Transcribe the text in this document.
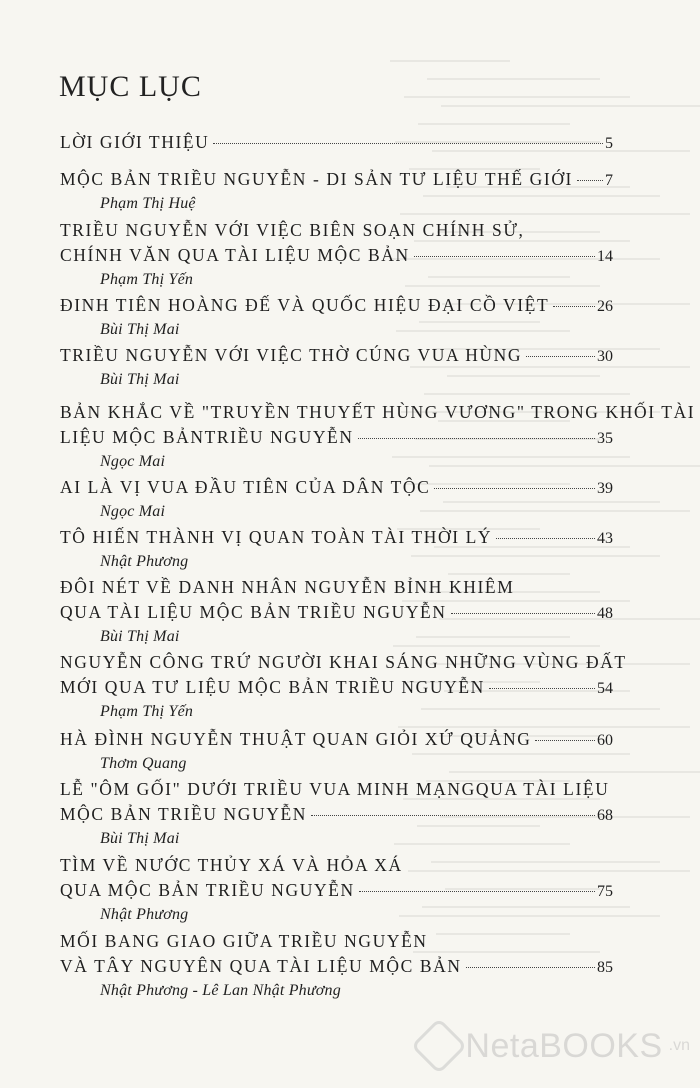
MỤC LỤC
LỜI GIỚI THIỆU	5
MỘC BẢN TRIỀU NGUYỄN - DI SẢN TƯ LIỆU THẾ GIỚI 7
Phạm Thị Huệ
TRIỀU NGUYỄN VỚI VIỆC BIÊN SOẠN CHÍNH SỬ,
CHÍNH VĂN QUA TÀI LIỆU MỘC BẢN	14
Phạm Thị Yến
ĐINH TIÊN HOÀNG ĐẾ VÀ QUỐC HIỆU ĐẠI CỒ VIỆT	26
Bùi Thị Mai
TRIỀU NGUYỄN VỚI VIỆC THỜ CÚNG VUA HÙNG	30
Bùi Thị Mai
BẢN KHẮC VỀ "TRUYỀN THUYẾT HÙNG VƯƠNG" TRONG KHỐI TÀI
LIỆU MỘC BẢNTRIỀU NGUYỄN	35
Ngọc Mai
AI LÀ VỊ VUA ĐẦU TIÊN CỦA DÂN TỘC	39
Ngọc Mai
TÔ HIẾN THÀNH VỊ QUAN TOÀN TÀI THỜI LÝ	43
Nhật Phương
ĐÔI NÉT VỀ DANH NHÂN NGUYỄN BỈNH KHIÊM
QUA TÀI LIỆU MỘC BẢN TRIỀU NGUYỄN	48
Bùi Thị Mai
NGUYỄN CÔNG TRỨ NGƯỜI KHAI SÁNG NHỮNG VÙNG ĐẤT
MỚI QUA TƯ LIỆU MỘC BẢN TRIỀU NGUYỄN	54
Phạm Thị Yến
HÀ ĐÌNH NGUYỄN THUẬT QUAN GIỎI XỨ QUẢNG	60
Thơm Quang
LỄ "ÔM GỐI" DƯỚI TRIỀU VUA MINH MẠNGQUA TÀI LIỆU
MỘC BẢN TRIỀU NGUYỄN	68
Bùi Thị Mai
TÌM VỀ NƯỚC THỦY XÁ VÀ HỎA XÁ
QUA MỘC BẢN TRIỀU NGUYỄN	75
Nhật Phương
MỐI BANG GIAO GIỮA TRIỀU NGUYỄN
VÀ TÂY NGUYÊN QUA TÀI LIỆU MỘC BẢN	85
Nhật Phương - Lê Lan Nhật Phương
NetaBOOKS .vn
